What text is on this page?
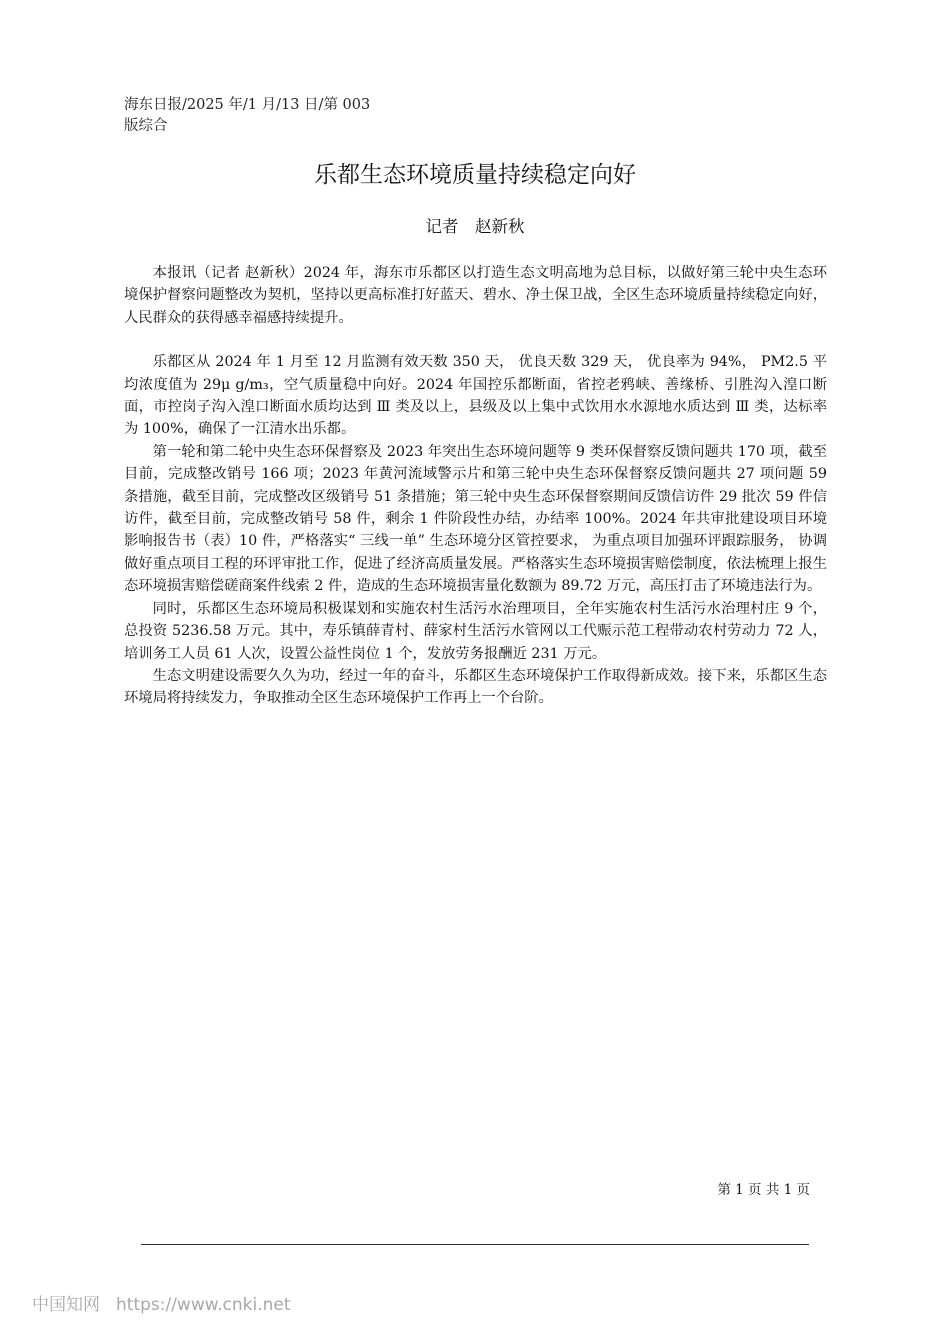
海东日报/2025 年/1 月/13 日/第 003
版综合
乐都生态环境质量持续稳定向好
记者　赵新秋

本报讯（记者 赵新秋）2024 年，海东市乐都区以打造生态文明高地为总目标，以做好第三轮中央生态环境保护督察问题整改为契机，坚持以更高标准打好蓝天、碧水、净土保卫战，全区生态环境质量持续稳定向好，人民群众的获得感幸福感持续提升。

乐都区从 2024 年 1 月至 12 月监测有效天数 350 天， 优良天数 329 天， 优良率为 94%， PM2.5 平均浓度值为 29μ g/m₃，空气质量稳中向好。2024 年国控乐都断面，省控老鸦峡、善缘桥、引胜沟入湟口断面，市控岗子沟入湟口断面水质均达到 Ⅲ 类及以上，县级及以上集中式饮用水水源地水质达到 Ⅲ 类，达标率为 100%，确保了一江清水出乐都。

第一轮和第二轮中央生态环保督察及 2023 年突出生态环境问题等 9 类环保督察反馈问题共 170 项，截至目前，完成整改销号 166 项；2023 年黄河流域警示片和第三轮中央生态环保督察反馈问题共 27 项问题 59 条措施，截至目前，完成整改区级销号 51 条措施；第三轮中央生态环保督察期间反馈信访件 29 批次 59 件信访件，截至目前，完成整改销号 58 件，剩余 1 件阶段性办结，办结率 100%。2024 年共审批建设项目环境影响报告书（表）10 件，严格落实“ 三线一单” 生态环境分区管控要求， 为重点项目加强环评跟踪服务， 协调做好重点项目工程的环评审批工作，促进了经济高质量发展。严格落实生态环境损害赔偿制度，依法梳理上报生态环境损害赔偿磋商案件线索 2 件，造成的生态环境损害量化数额为 89.72 万元，高压打击了环境违法行为。

同时，乐都区生态环境局积极谋划和实施农村生活污水治理项目，全年实施农村生活污水治理村庄 9 个，总投资 5236.58 万元。其中，寿乐镇薛青村、薛家村生活污水管网以工代赈示范工程带动农村劳动力 72 人，培训务工人员 61 人次，设置公益性岗位 1 个，发放劳务报酬近 231 万元。

生态文明建设需要久久为功，经过一年的奋斗，乐都区生态环境保护工作取得新成效。接下来，乐都区生态环境局将持续发力，争取推动全区生态环境保护工作再上一个台阶。

第 1 页 共 1 页
中国知网 https://www.cnki.net
